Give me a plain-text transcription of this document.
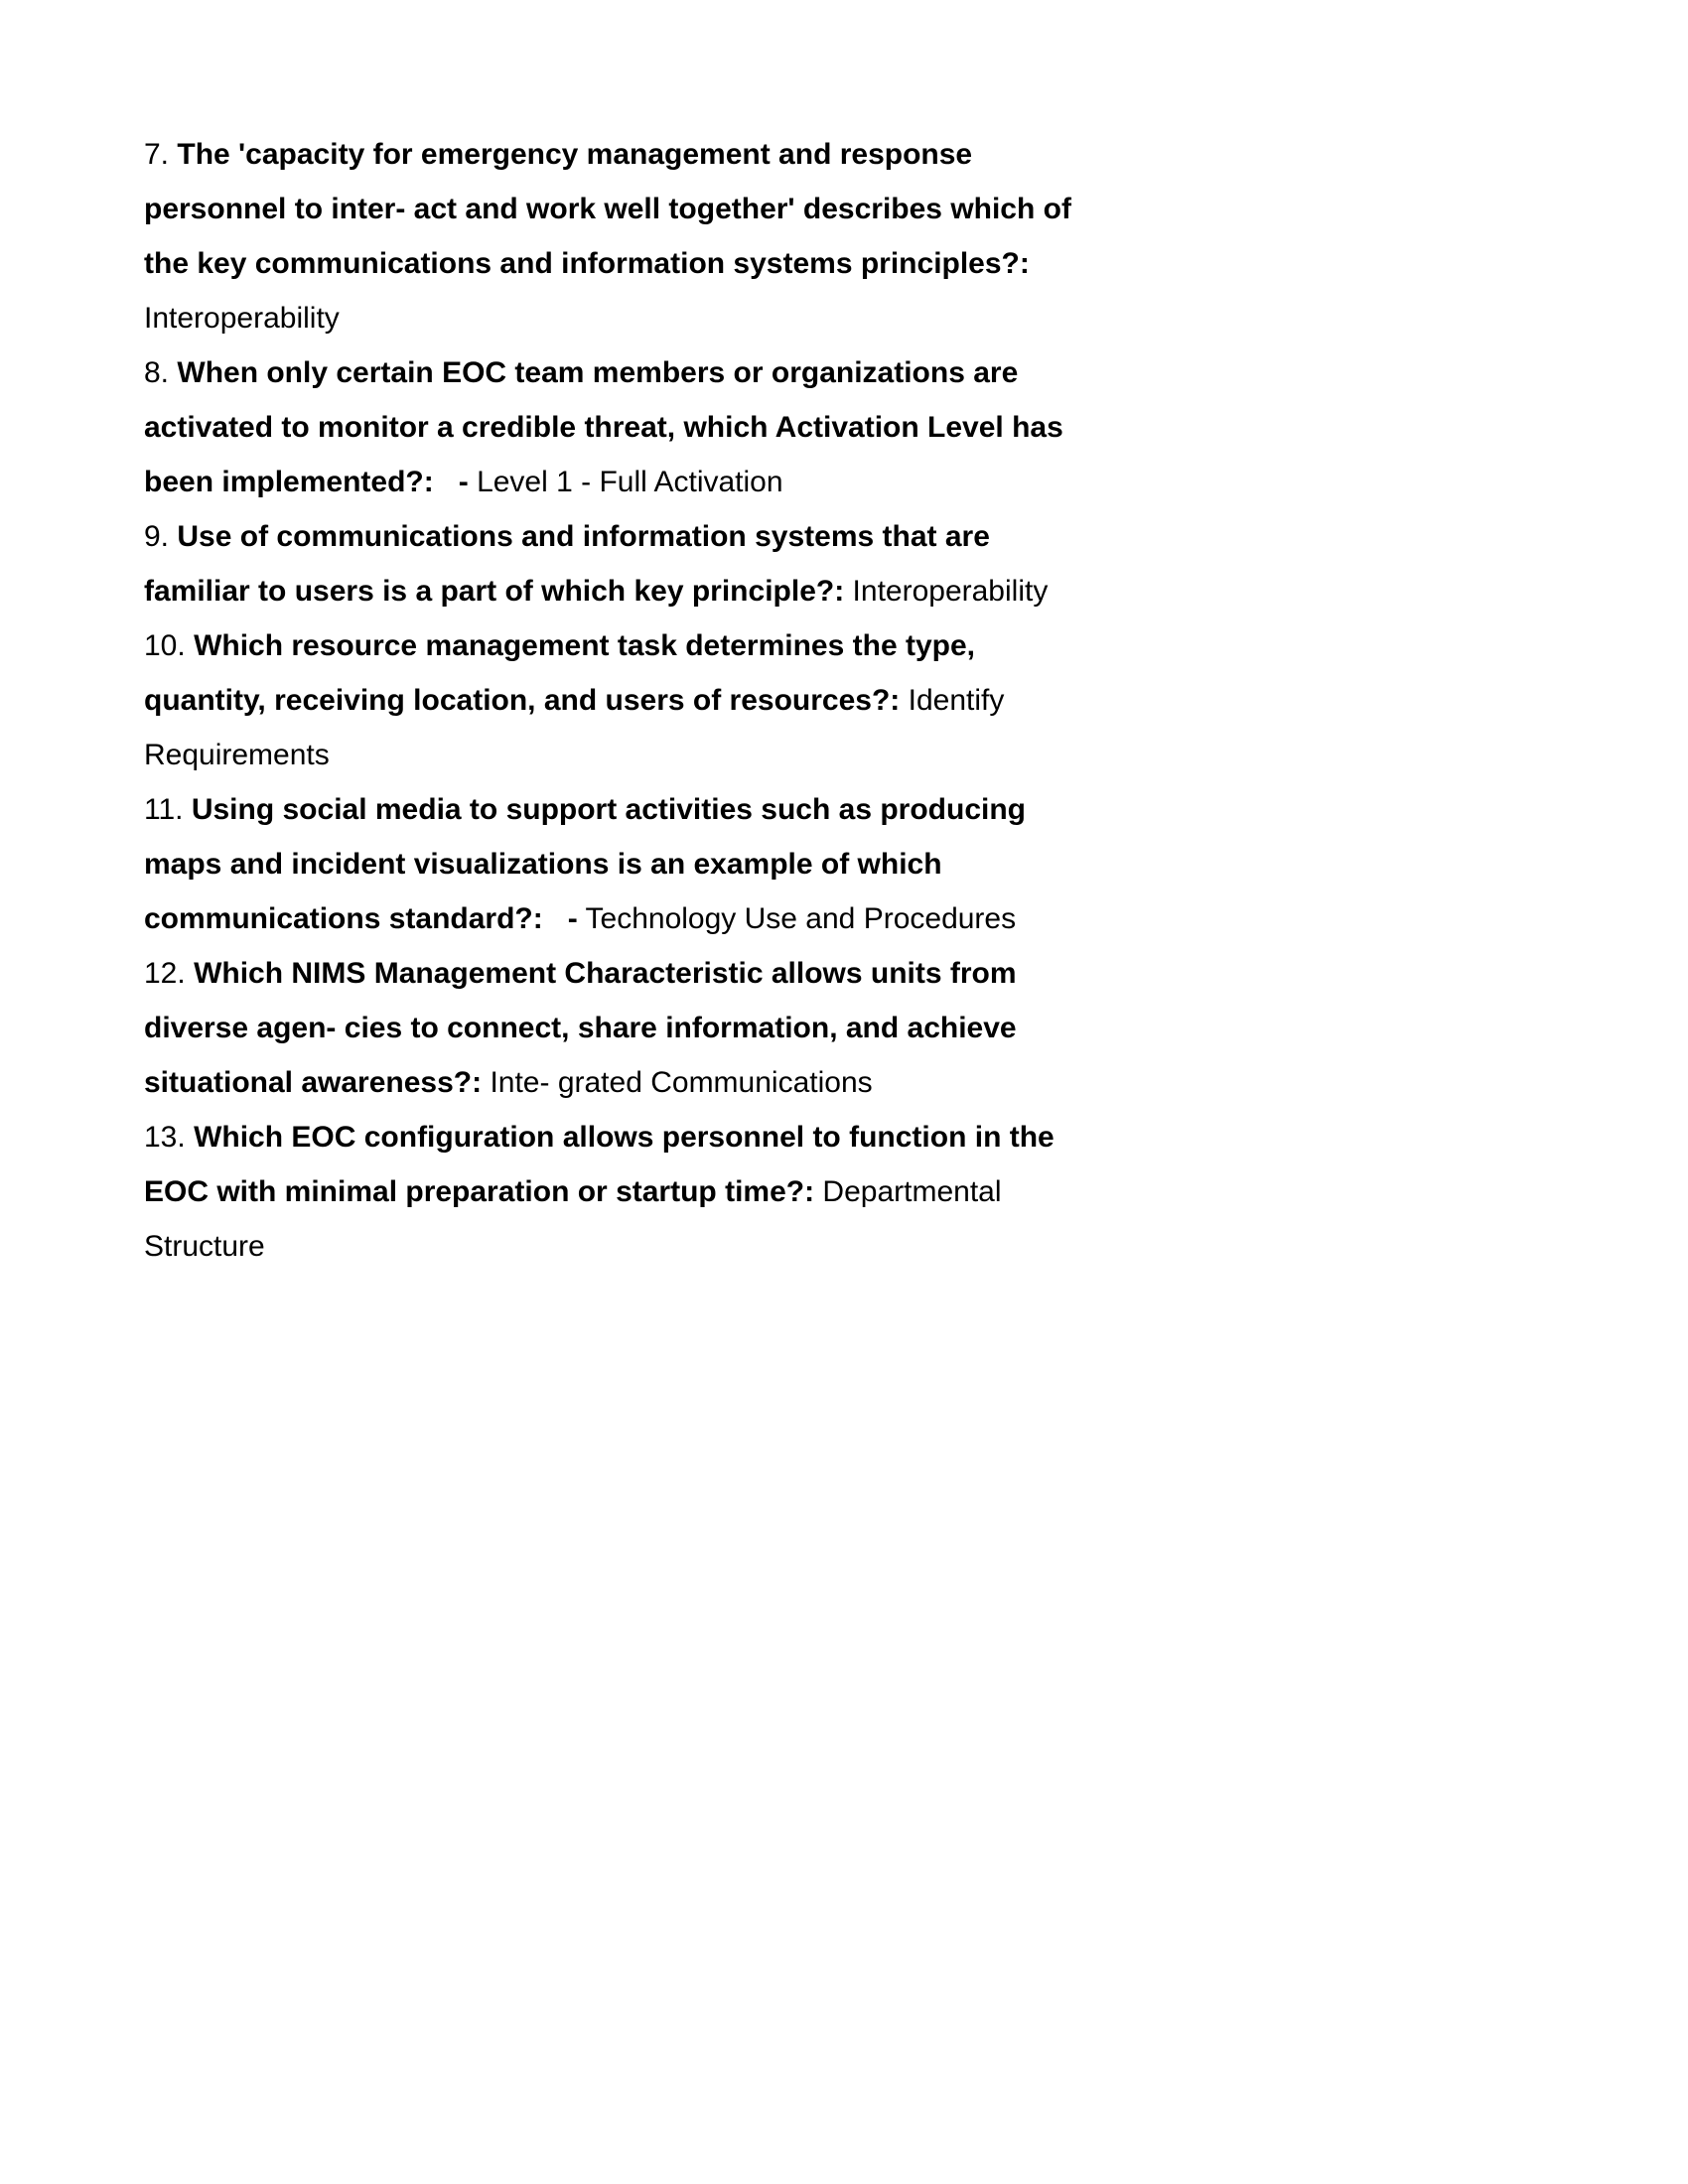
7. The 'capacity for emergency management and response personnel to inter- act and work well together' describes which of the key communications and information systems principles?: Interoperability

8. When only certain EOC team members or organizations are activated to monitor a credible threat, which Activation Level has been implemented?:   - Level 1 - Full Activation

9. Use of communications and information systems that are familiar to users is a part of which key principle?: Interoperability

10. Which resource management task determines the type, quantity, receiving location, and users of resources?: Identify Requirements

11. Using social media to support activities such as producing maps and incident visualizations is an example of which communications standard?:   - Technology Use and Procedures

12. Which NIMS Management Characteristic allows units from diverse agen- cies to connect, share information, and achieve situational awareness?: Inte- grated Communications

13. Which EOC configuration allows personnel to function in the EOC with minimal preparation or startup time?: Departmental Structure
